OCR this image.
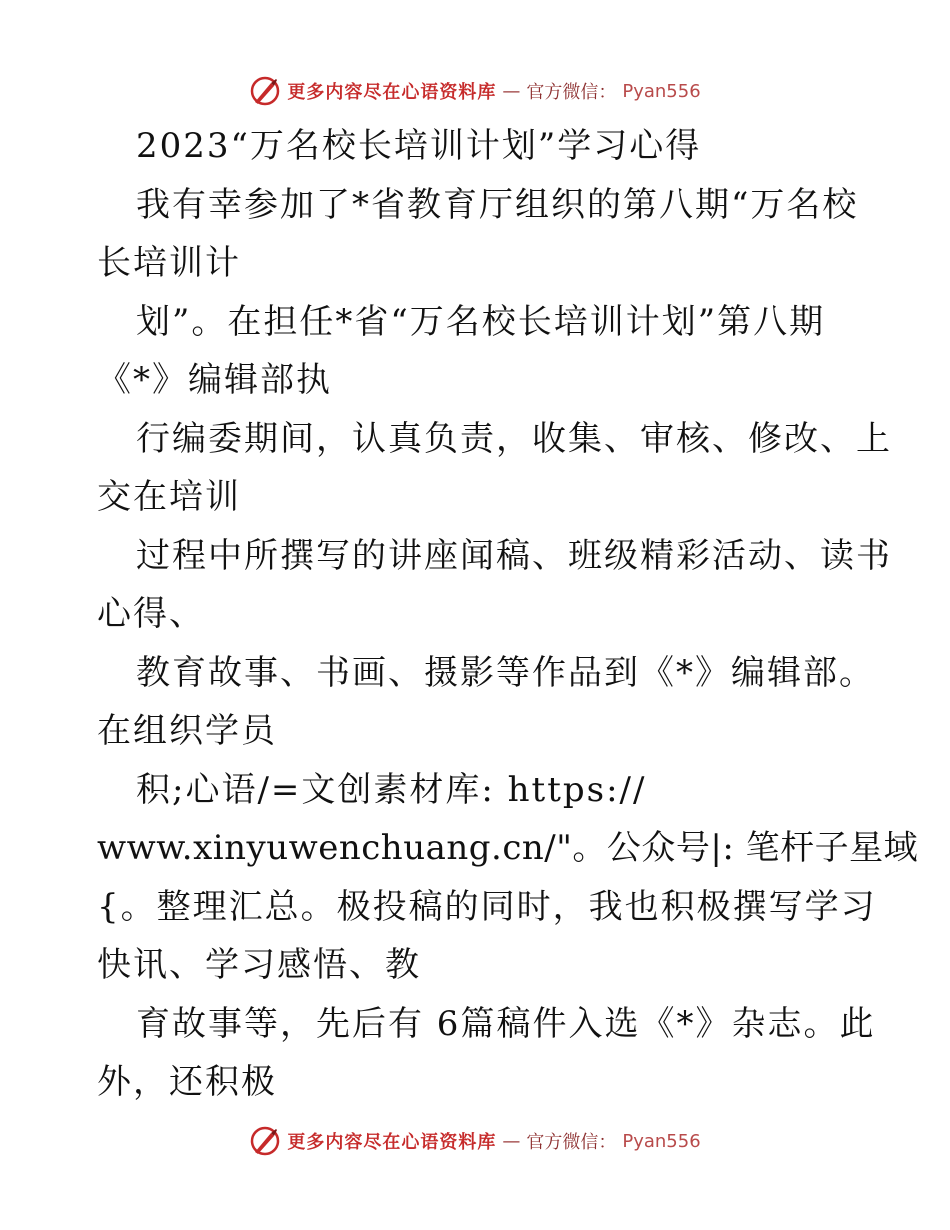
更多内容尽在心语资料库 — 官方微信： Pyan556
2023“万名校长培训计划”学习心得
我有幸参加了*省教育厅组织的第八期“万名校
长培训计
划”。在担任*省“万名校长培训计划”第八期
《*》编辑部执
行编委期间，认真负责，收集、审核、修改、上
交在培训
过程中所撰写的讲座闻稿、班级精彩活动、读书
心得、
教育故事、书画、摄影等作品到《*》编辑部。
在组织学员
积;心语/=文创素材库: https://
www.xinyuwenchuang.cn/"。公众号|: 笔杆子星域
{。整理汇总。极投稿的同时，我也积极撰写学习
快讯、学习感悟、教
育故事等，先后有 6篇稿件入选《*》杂志。此
外，还积极
更多内容尽在心语资料库 — 官方微信： Pyan556
